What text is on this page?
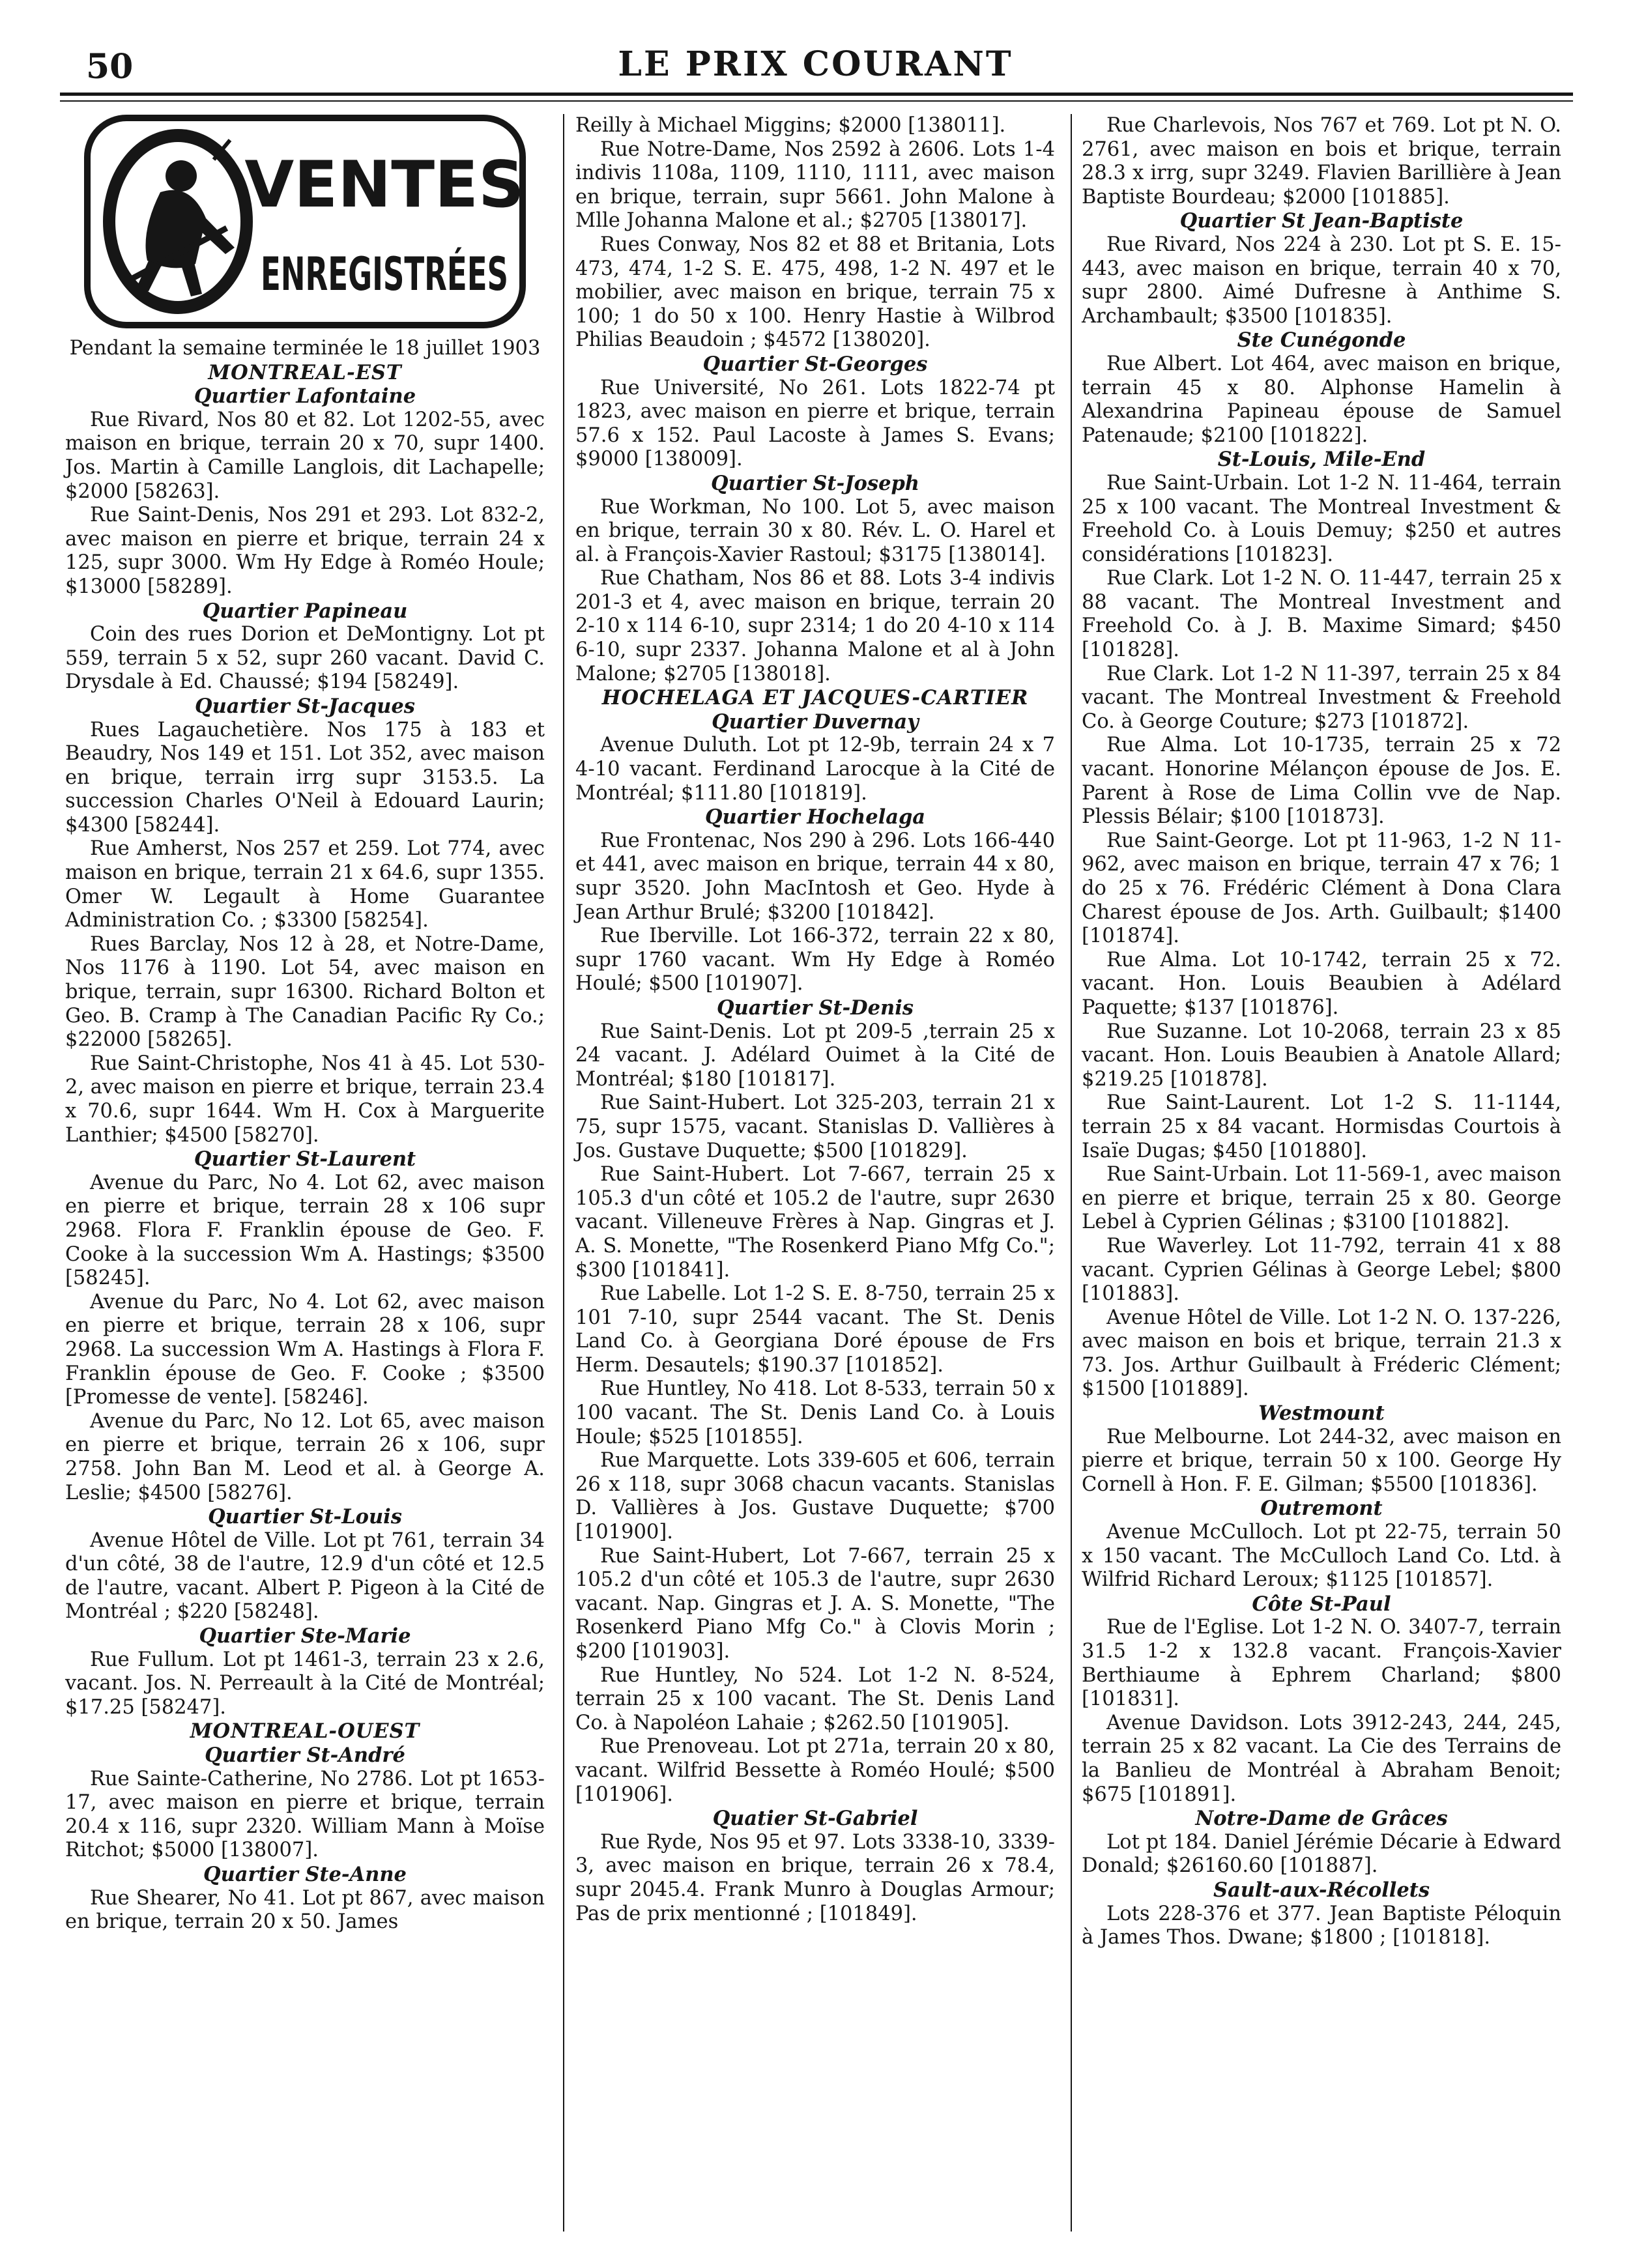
50	LE PRIX COURANT
VENTES
ENREGISTRÉES
Pendant la semaine terminée le 18 juillet 1903
MONTREAL-EST
Quartier Lafontaine
Rue Rivard, Nos 80 et 82. Lot 1202-55, avec maison en brique, terrain 20 x 70, supr 1400. Jos. Martin à Camille Langlois, dit Lachapelle; $2000 [58263].
Rue Saint-Denis, Nos 291 et 293. Lot 832-2, avec maison en pierre et brique, terrain 24 x 125, supr 3000. Wm Hy Edge à Roméo Houle; $13000 [58289].
Quartier Papineau
Coin des rues Dorion et DeMontigny. Lot pt 559, terrain 5 x 52, supr 260 vacant. David C. Drysdale à Ed. Chaussé; $194 [58249].
Quartier St-Jacques
Rues Lagauchetière. Nos 175 à 183 et Beaudry, Nos 149 et 151. Lot 352, avec maison en brique, terrain irrg supr 3153.5. La succession Charles O'Neil à Edouard Laurin; $4300 [58244].
Rue Amherst, Nos 257 et 259. Lot 774, avec maison en brique, terrain 21 x 64.6, supr 1355. Omer W. Legault à Home Guarantee Administration Co. ; $3300 [58254].
Rues Barclay, Nos 12 à 28, et Notre-Dame, Nos 1176 à 1190. Lot 54, avec maison en brique, terrain, supr 16300. Richard Bolton et Geo. B. Cramp à The Canadian Pacific Ry Co.; $22000 [58265].
Rue Saint-Christophe, Nos 41 à 45. Lot 530-2, avec maison en pierre et brique, terrain 23.4 x 70.6, supr 1644. Wm H. Cox à Marguerite Lanthier; $4500 [58270].
Quartier St-Laurent
Avenue du Parc, No 4. Lot 62, avec maison en pierre et brique, terrain 28 x 106 supr 2968. Flora F. Franklin épouse de Geo. F. Cooke à la succession Wm A. Hastings; $3500 [58245].
Avenue du Parc, No 4. Lot 62, avec maison en pierre et brique, terrain 28 x 106, supr 2968. La succession Wm A. Hastings à Flora F. Franklin épouse de Geo. F. Cooke ; $3500 [Promesse de vente]. [58246].
Avenue du Parc, No 12. Lot 65, avec maison en pierre et brique, terrain 26 x 106, supr 2758. John Ban M. Leod et al. à George A. Leslie; $4500 [58276].
Quartier St-Louis
Avenue Hôtel de Ville. Lot pt 761, terrain 34 d'un côté, 38 de l'autre, 12.9 d'un côté et 12.5 de l'autre, vacant. Albert P. Pigeon à la Cité de Montréal ; $220 [58248].
Quartier Ste-Marie
Rue Fullum. Lot pt 1461-3, terrain 23 x 2.6, vacant. Jos. N. Perreault à la Cité de Montréal; $17.25 [58247].
MONTREAL-OUEST
Quartier St-André
Rue Sainte-Catherine, No 2786. Lot pt 1653-17, avec maison en pierre et brique, terrain 20.4 x 116, supr 2320. William Mann à Moïse Ritchot; $5000 [138007].
Quartier Ste-Anne
Rue Shearer, No 41. Lot pt 867, avec maison en brique, terrain 20 x 50. James
Reilly à Michael Miggins; $2000 [138011].
Rue Notre-Dame, Nos 2592 à 2606. Lots 1-4 indivis 1108a, 1109, 1110, 1111, avec maison en brique, terrain, supr 5661. John Malone à Mlle Johanna Malone et al.; $2705 [138017].
Rues Conway, Nos 82 et 88 et Britania, Lots 473, 474, 1-2 S. E. 475, 498, 1-2 N. 497 et le mobilier, avec maison en brique, terrain 75 x 100; 1 do 50 x 100. Henry Hastie à Wilbrod Philias Beaudoin ; $4572 [138020].
Quartier St-Georges
Rue Université, No 261. Lots 1822-74 pt 1823, avec maison en pierre et brique, terrain 57.6 x 152. Paul Lacoste à James S. Evans; $9000 [138009].
Quartier St-Joseph
Rue Workman, No 100. Lot 5, avec maison en brique, terrain 30 x 80. Rév. L. O. Harel et al. à François-Xavier Rastoul; $3175 [138014].
Rue Chatham, Nos 86 et 88. Lots 3-4 indivis 201-3 et 4, avec maison en brique, terrain 20 2-10 x 114 6-10, supr 2314; 1 do 20 4-10 x 114 6-10, supr 2337. Johanna Malone et al à John Malone; $2705 [138018].
HOCHELAGA ET JACQUES-CARTIER
Quartier Duvernay
Avenue Duluth. Lot pt 12-9b, terrain 24 x 7 4-10 vacant. Ferdinand Larocque à la Cité de Montréal; $111.80 [101819].
Quartier Hochelaga
Rue Frontenac, Nos 290 à 296. Lots 166-440 et 441, avec maison en brique, terrain 44 x 80, supr 3520. John MacIntosh et Geo. Hyde à Jean Arthur Brulé; $3200 [101842].
Rue Iberville. Lot 166-372, terrain 22 x 80, supr 1760 vacant. Wm Hy Edge à Roméo Houlé; $500 [101907].
Quartier St-Denis
Rue Saint-Denis. Lot pt 209-5 ,terrain 25 x 24 vacant. J. Adélard Ouimet à la Cité de Montréal; $180 [101817].
Rue Saint-Hubert. Lot 325-203, terrain 21 x 75, supr 1575, vacant. Stanislas D. Vallières à Jos. Gustave Duquette; $500 [101829].
Rue Saint-Hubert. Lot 7-667, terrain 25 x 105.3 d'un côté et 105.2 de l'autre, supr 2630 vacant. Villeneuve Frères à Nap. Gingras et J. A. S. Monette, "The Rosenkerd Piano Mfg Co."; $300 [101841].
Rue Labelle. Lot 1-2 S. E. 8-750, terrain 25 x 101 7-10, supr 2544 vacant. The St. Denis Land Co. à Georgiana Doré épouse de Frs Herm. Desautels; $190.37 [101852].
Rue Huntley, No 418. Lot 8-533, terrain 50 x 100 vacant. The St. Denis Land Co. à Louis Houle; $525 [101855].
Rue Marquette. Lots 339-605 et 606, terrain 26 x 118, supr 3068 chacun vacants. Stanislas D. Vallières à Jos. Gustave Duquette; $700 [101900].
Rue Saint-Hubert, Lot 7-667, terrain 25 x 105.2 d'un côté et 105.3 de l'autre, supr 2630 vacant. Nap. Gingras et J. A. S. Monette, "The Rosenkerd Piano Mfg Co." à Clovis Morin ; $200 [101903].
Rue Huntley, No 524. Lot 1-2 N. 8-524, terrain 25 x 100 vacant. The St. Denis Land Co. à Napoléon Lahaie ; $262.50 [101905].
Rue Prenoveau. Lot pt 271a, terrain 20 x 80, vacant. Wilfrid Bessette à Roméo Houlé; $500 [101906].
Quatier St-Gabriel
Rue Ryde, Nos 95 et 97. Lots 3338-10, 3339-3, avec maison en brique, terrain 26 x 78.4, supr 2045.4. Frank Munro à Douglas Armour; Pas de prix mentionné ; [101849].
Rue Charlevois, Nos 767 et 769. Lot pt N. O. 2761, avec maison en bois et brique, terrain 28.3 x irrg, supr 3249. Flavien Barillière à Jean Baptiste Bourdeau; $2000 [101885].
Quartier St Jean-Baptiste
Rue Rivard, Nos 224 à 230. Lot pt S. E. 15-443, avec maison en brique, terrain 40 x 70, supr 2800. Aimé Dufresne à Anthime S. Archambault; $3500 [101835].
Ste Cunégonde
Rue Albert. Lot 464, avec maison en brique, terrain 45 x 80. Alphonse Hamelin à Alexandrina Papineau épouse de Samuel Patenaude; $2100 [101822].
St-Louis, Mile-End
Rue Saint-Urbain. Lot 1-2 N. 11-464, terrain 25 x 100 vacant. The Montreal Investment & Freehold Co. à Louis Demuy; $250 et autres considérations [101823].
Rue Clark. Lot 1-2 N. O. 11-447, terrain 25 x 88 vacant. The Montreal Investment and Freehold Co. à J. B. Maxime Simard; $450 [101828].
Rue Clark. Lot 1-2 N 11-397, terrain 25 x 84 vacant. The Montreal Investment & Freehold Co. à George Couture; $273 [101872].
Rue Alma. Lot 10-1735, terrain 25 x 72 vacant. Honorine Mélançon épouse de Jos. E. Parent à Rose de Lima Collin vve de Nap. Plessis Bélair; $100 [101873].
Rue Saint-George. Lot pt 11-963, 1-2 N 11-962, avec maison en brique, terrain 47 x 76; 1 do 25 x 76. Frédéric Clément à Dona Clara Charest épouse de Jos. Arth. Guilbault; $1400 [101874].
Rue Alma. Lot 10-1742, terrain 25 x 72. vacant. Hon. Louis Beaubien à Adélard Paquette; $137 [101876].
Rue Suzanne. Lot 10-2068, terrain 23 x 85 vacant. Hon. Louis Beaubien à Anatole Allard; $219.25 [101878].
Rue Saint-Laurent. Lot 1-2 S. 11-1144, terrain 25 x 84 vacant. Hormisdas Courtois à Isaïe Dugas; $450 [101880].
Rue Saint-Urbain. Lot 11-569-1, avec maison en pierre et brique, terrain 25 x 80. George Lebel à Cyprien Gélinas ; $3100 [101882].
Rue Waverley. Lot 11-792, terrain 41 x 88 vacant. Cyprien Gélinas à George Lebel; $800 [101883].
Avenue Hôtel de Ville. Lot 1-2 N. O. 137-226, avec maison en bois et brique, terrain 21.3 x 73. Jos. Arthur Guilbault à Fréderic Clément; $1500 [101889].
Westmount
Rue Melbourne. Lot 244-32, avec maison en pierre et brique, terrain 50 x 100. George Hy Cornell à Hon. F. E. Gilman; $5500 [101836].
Outremont
Avenue McCulloch. Lot pt 22-75, terrain 50 x 150 vacant. The McCulloch Land Co. Ltd. à Wilfrid Richard Leroux; $1125 [101857].
Côte St-Paul
Rue de l'Eglise. Lot 1-2 N. O. 3407-7, terrain 31.5 1-2 x 132.8 vacant. François-Xavier Berthiaume à Ephrem Charland; $800 [101831].
Avenue Davidson. Lots 3912-243, 244, 245, terrain 25 x 82 vacant. La Cie des Terrains de la Banlieu de Montréal à Abraham Benoit; $675 [101891].
Notre-Dame de Grâces
Lot pt 184. Daniel Jérémie Décarie à Edward Donald; $26160.60 [101887].
Sault-aux-Récollets
Lots 228-376 et 377. Jean Baptiste Péloquin à James Thos. Dwane; $1800 ; [101818].
